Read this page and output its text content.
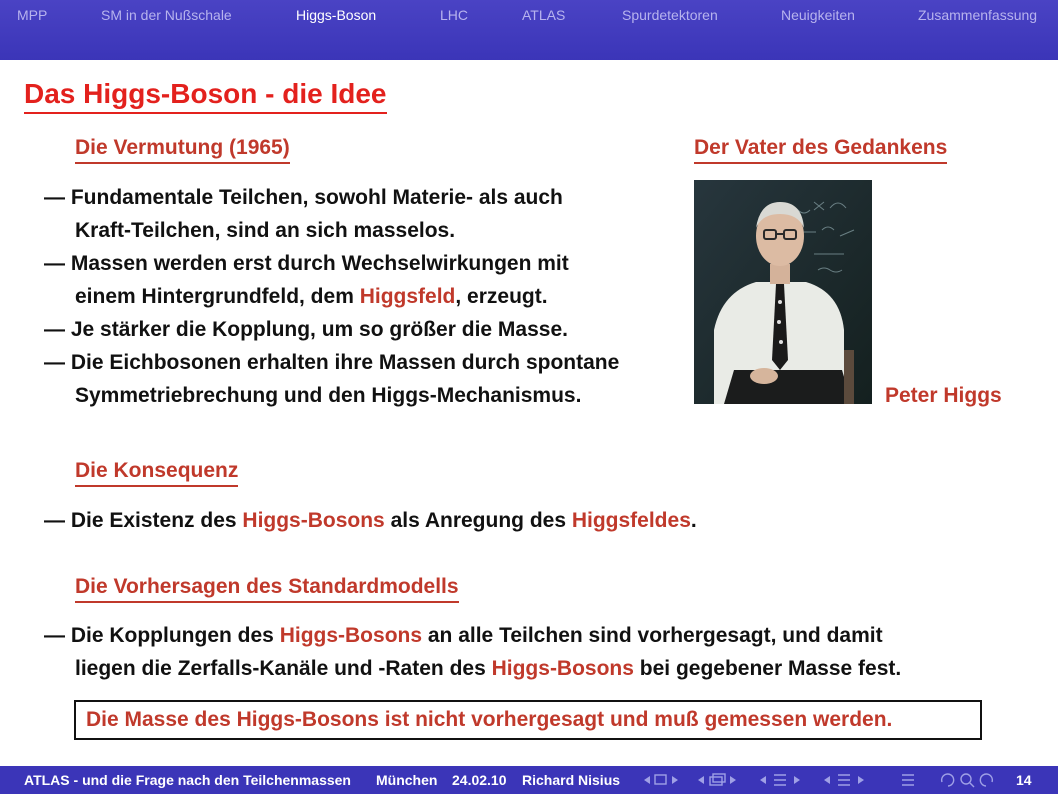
MPP	SM in der Nußschale	Higgs-Boson	LHC	ATLAS	Spurdetektoren	Neuigkeiten	Zusammenfassung
Das Higgs-Boson - die Idee
Die Vermutung (1965)
— Fundamentale Teilchen, sowohl Materie- als auch
Kraft-Teilchen, sind an sich masselos.
— Massen werden erst durch Wechselwirkungen mit
einem Hintergrundfeld, dem Higgsfeld, erzeugt.
— Je stärker die Kopplung, um so größer die Masse.
— Die Eichbosonen erhalten ihre Massen durch spontane
Symmetriebrechung und den Higgs-Mechanismus.
Der Vater des Gedankens
Peter Higgs
Die Konsequenz
— Die Existenz des Higgs-Bosons als Anregung des Higgsfeldes.
Die Vorhersagen des Standardmodells
— Die Kopplungen des Higgs-Bosons an alle Teilchen sind vorhergesagt, und damit
liegen die Zerfalls-Kanäle und -Raten des Higgs-Bosons bei gegebener Masse fest.
Die Masse des Higgs-Bosons ist nicht vorhergesagt und muß gemessen werden.
ATLAS - und die Frage nach den Teilchenmassen München 24.02.10 Richard Nisius	14
